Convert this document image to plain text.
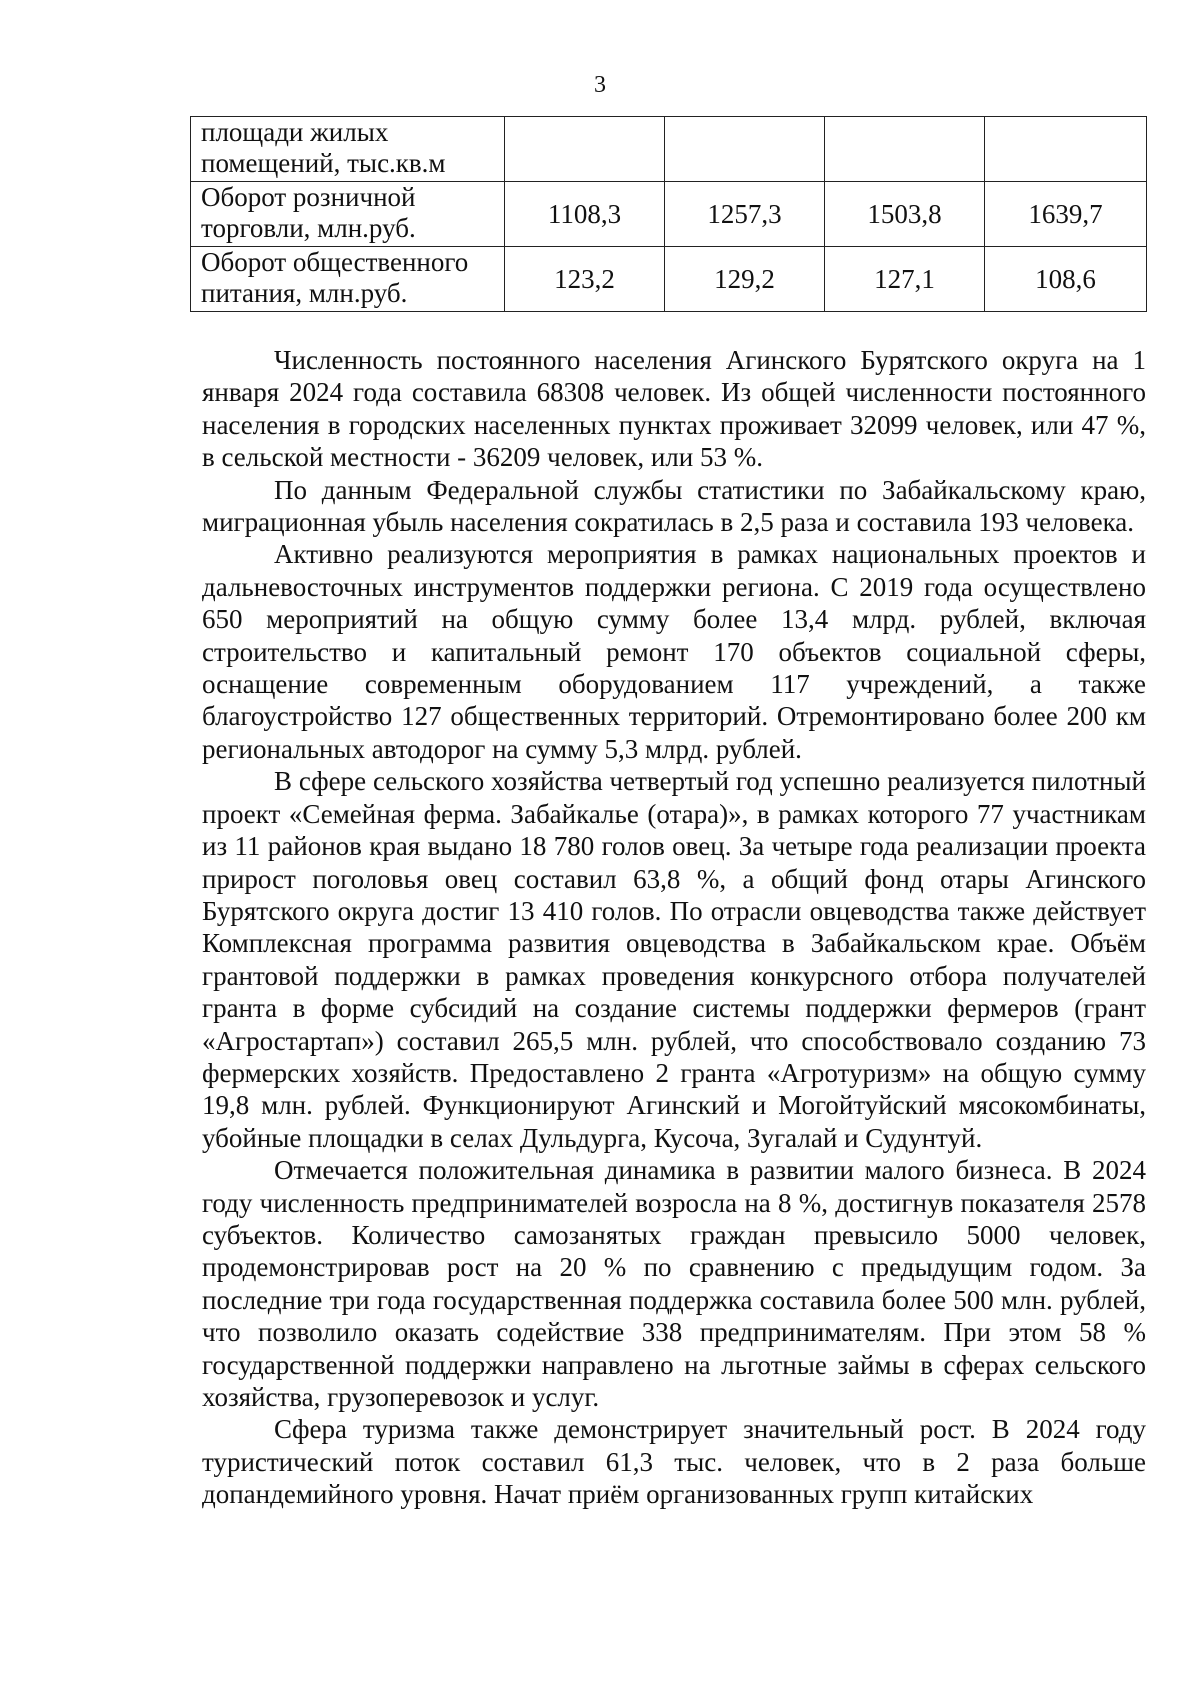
3
площади жилых помещений, тыс.кв.м				
Оборот розничной торговли, млн.руб.	1108,3	1257,3	1503,8	1639,7
Оборот общественного питания, млн.руб.	123,2	129,2	127,1	108,6

Численность постоянного населения Агинского Бурятского округа на 1 января 2024 года составила 68308 человек. Из общей численности постоянного населения в городских населенных пунктах проживает 32099 человек, или 47 %, в сельской местности - 36209 человек, или 53 %.

По данным Федеральной службы статистики по Забайкальскому краю, миграционная убыль населения сократилась в 2,5 раза и составила 193 человека.

Активно реализуются мероприятия в рамках национальных проектов и дальневосточных инструментов поддержки региона. С 2019 года осуществлено 650 мероприятий на общую сумму более 13,4 млрд. рублей, включая строительство и капитальный ремонт 170 объектов социальной сферы, оснащение современным оборудованием 117 учреждений, а также благоустройство 127 общественных территорий. Отремонтировано более 200 км региональных автодорог на сумму 5,3 млрд. рублей.

В сфере сельского хозяйства четвертый год успешно реализуется пилотный проект «Семейная ферма. Забайкалье (отара)», в рамках которого 77 участникам из 11 районов края выдано 18 780 голов овец. За четыре года реализации проекта прирост поголовья овец составил 63,8 %, а общий фонд отары Агинского Бурятского округа достиг 13 410 голов. По отрасли овцеводства также действует Комплексная программа развития овцеводства в Забайкальском крае. Объём грантовой поддержки в рамках проведения конкурсного отбора получателей гранта в форме субсидий на создание системы поддержки фермеров (грант «Агростартап») составил 265,5 млн. рублей, что способствовало созданию 73 фермерских хозяйств. Предоставлено 2 гранта «Агротуризм» на общую сумму 19,8 млн. рублей. Функционируют Агинский и Могойтуйский мясокомбинаты, убойные площадки в селах Дульдурга, Кусоча, Зугалай и Судунтуй.

Отмечается положительная динамика в развитии малого бизнеса. В 2024 году численность предпринимателей возросла на 8 %, достигнув показателя 2578 субъектов. Количество самозанятых граждан превысило 5000 человек, продемонстрировав рост на 20 % по сравнению с предыдущим годом. За последние три года государственная поддержка составила более 500 млн. рублей, что позволило оказать содействие 338 предпринимателям. При этом 58 % государственной поддержки направлено на льготные займы в сферах сельского хозяйства, грузоперевозок и услуг.

Сфера туризма также демонстрирует значительный рост. В 2024 году туристический поток составил 61,3 тыс. человек, что в 2 раза больше допандемийного уровня. Начат приём организованных групп китайских
